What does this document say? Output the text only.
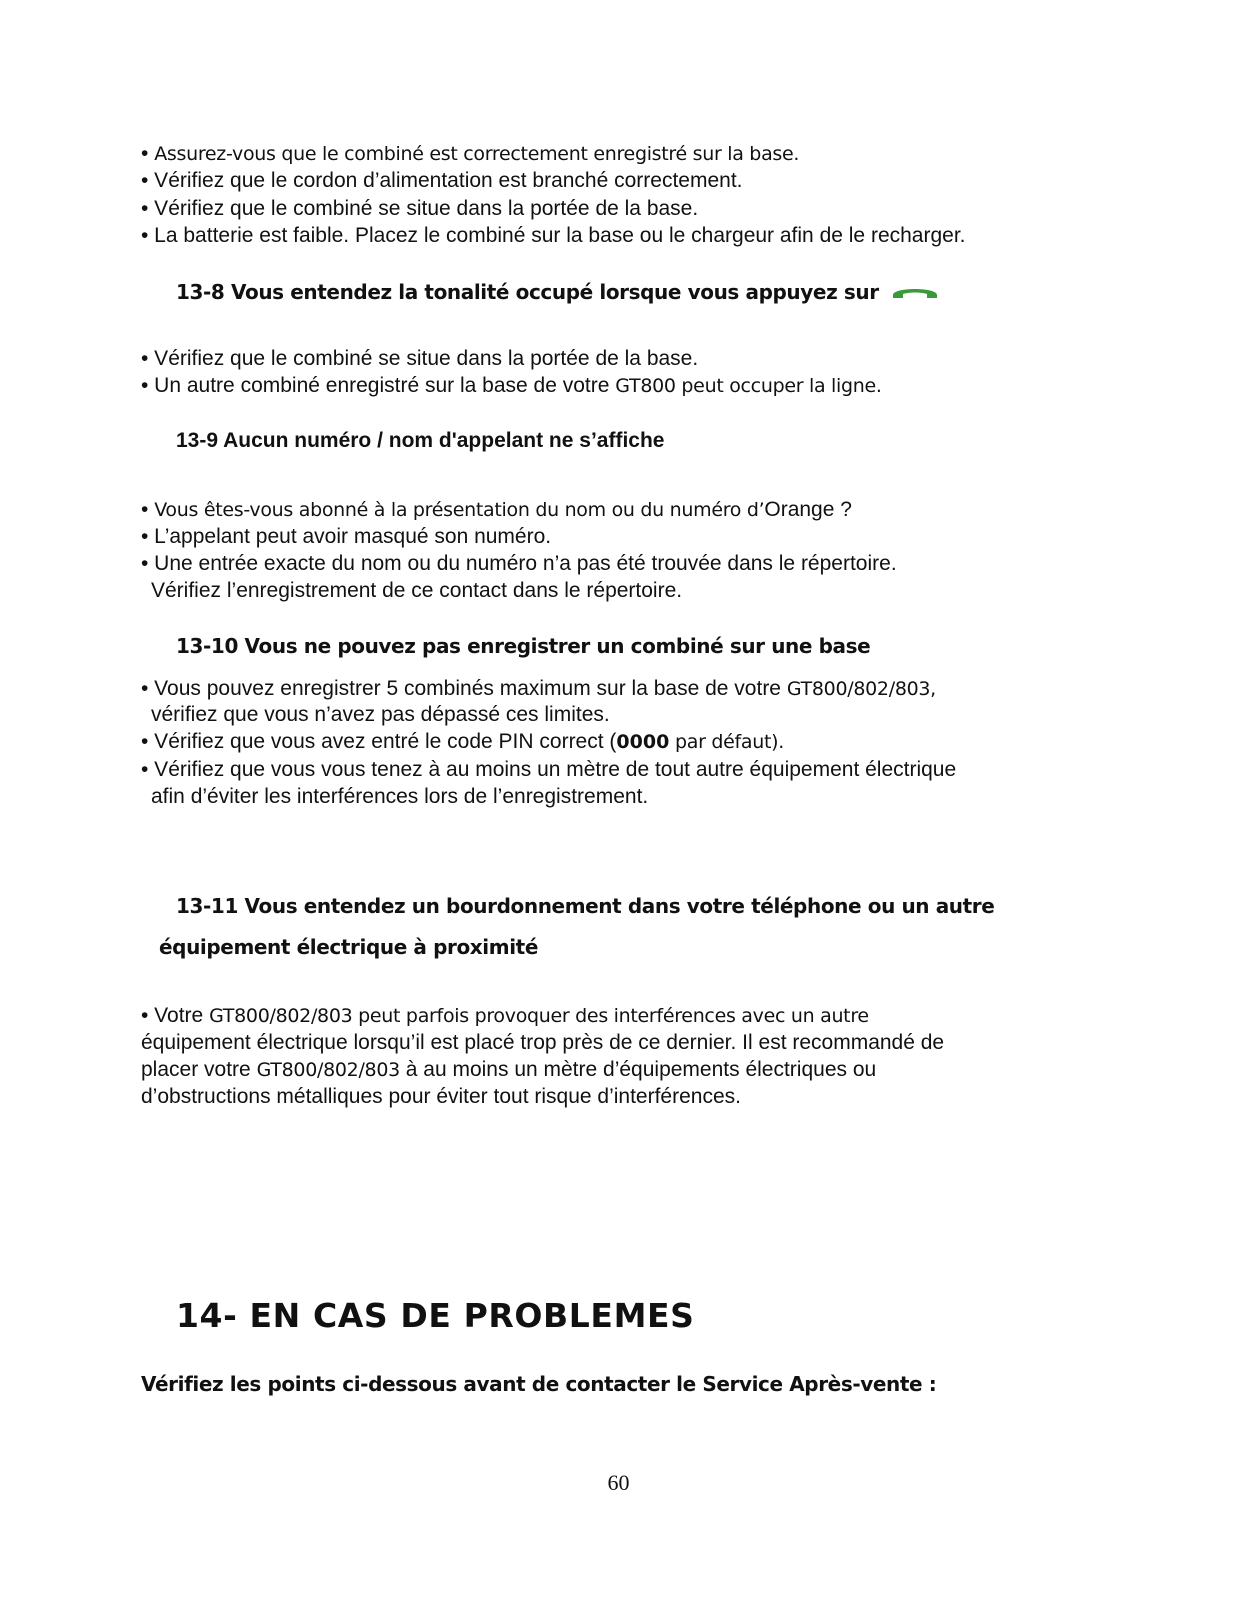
• Assurez-vous que le combiné est correctement enregistré sur la base.
• Vérifiez que le cordon d’alimentation est branché correctement.
• Vérifiez que le combiné se situe dans la portée de la base.
• La batterie est faible. Placez le combiné sur la base ou le chargeur afin de le recharger.
13-8 Vous entendez la tonalité occupé lorsque vous appuyez sur
• Vérifiez que le combiné se situe dans la portée de la base.
• Un autre combiné enregistré sur la base de votre GT800 peut occuper la ligne.
13-9 Aucun numéro / nom d'appelant ne s’affiche
• Vous êtes-vous abonné à la présentation du nom ou du numéro d’Orange ?
• L’appelant peut avoir masqué son numéro.
• Une entrée exacte du nom ou du numéro n’a pas été trouvée dans le répertoire.
Vérifiez l’enregistrement de ce contact dans le répertoire.
13-10 Vous ne pouvez pas enregistrer un combiné sur une base
• Vous pouvez enregistrer 5 combinés maximum sur la base de votre GT800/802/803,
vérifiez que vous n’avez pas dépassé ces limites.
• Vérifiez que vous avez entré le code PIN correct (0000 par défaut).
• Vérifiez que vous vous tenez à au moins un mètre de tout autre équipement électrique
afin d’éviter les interférences lors de l’enregistrement.
13-11 Vous entendez un bourdonnement dans votre téléphone ou un autre
équipement électrique à proximité
• Votre GT800/802/803 peut parfois provoquer des interférences avec un autre
équipement électrique lorsqu’il est placé trop près de ce dernier. Il est recommandé de
placer votre GT800/802/803 à au moins un mètre d’équipements électriques ou
d’obstructions métalliques pour éviter tout risque d’interférences.
14- EN CAS DE PROBLEMES
Vérifiez les points ci-dessous avant de contacter le Service Après-vente :
60
